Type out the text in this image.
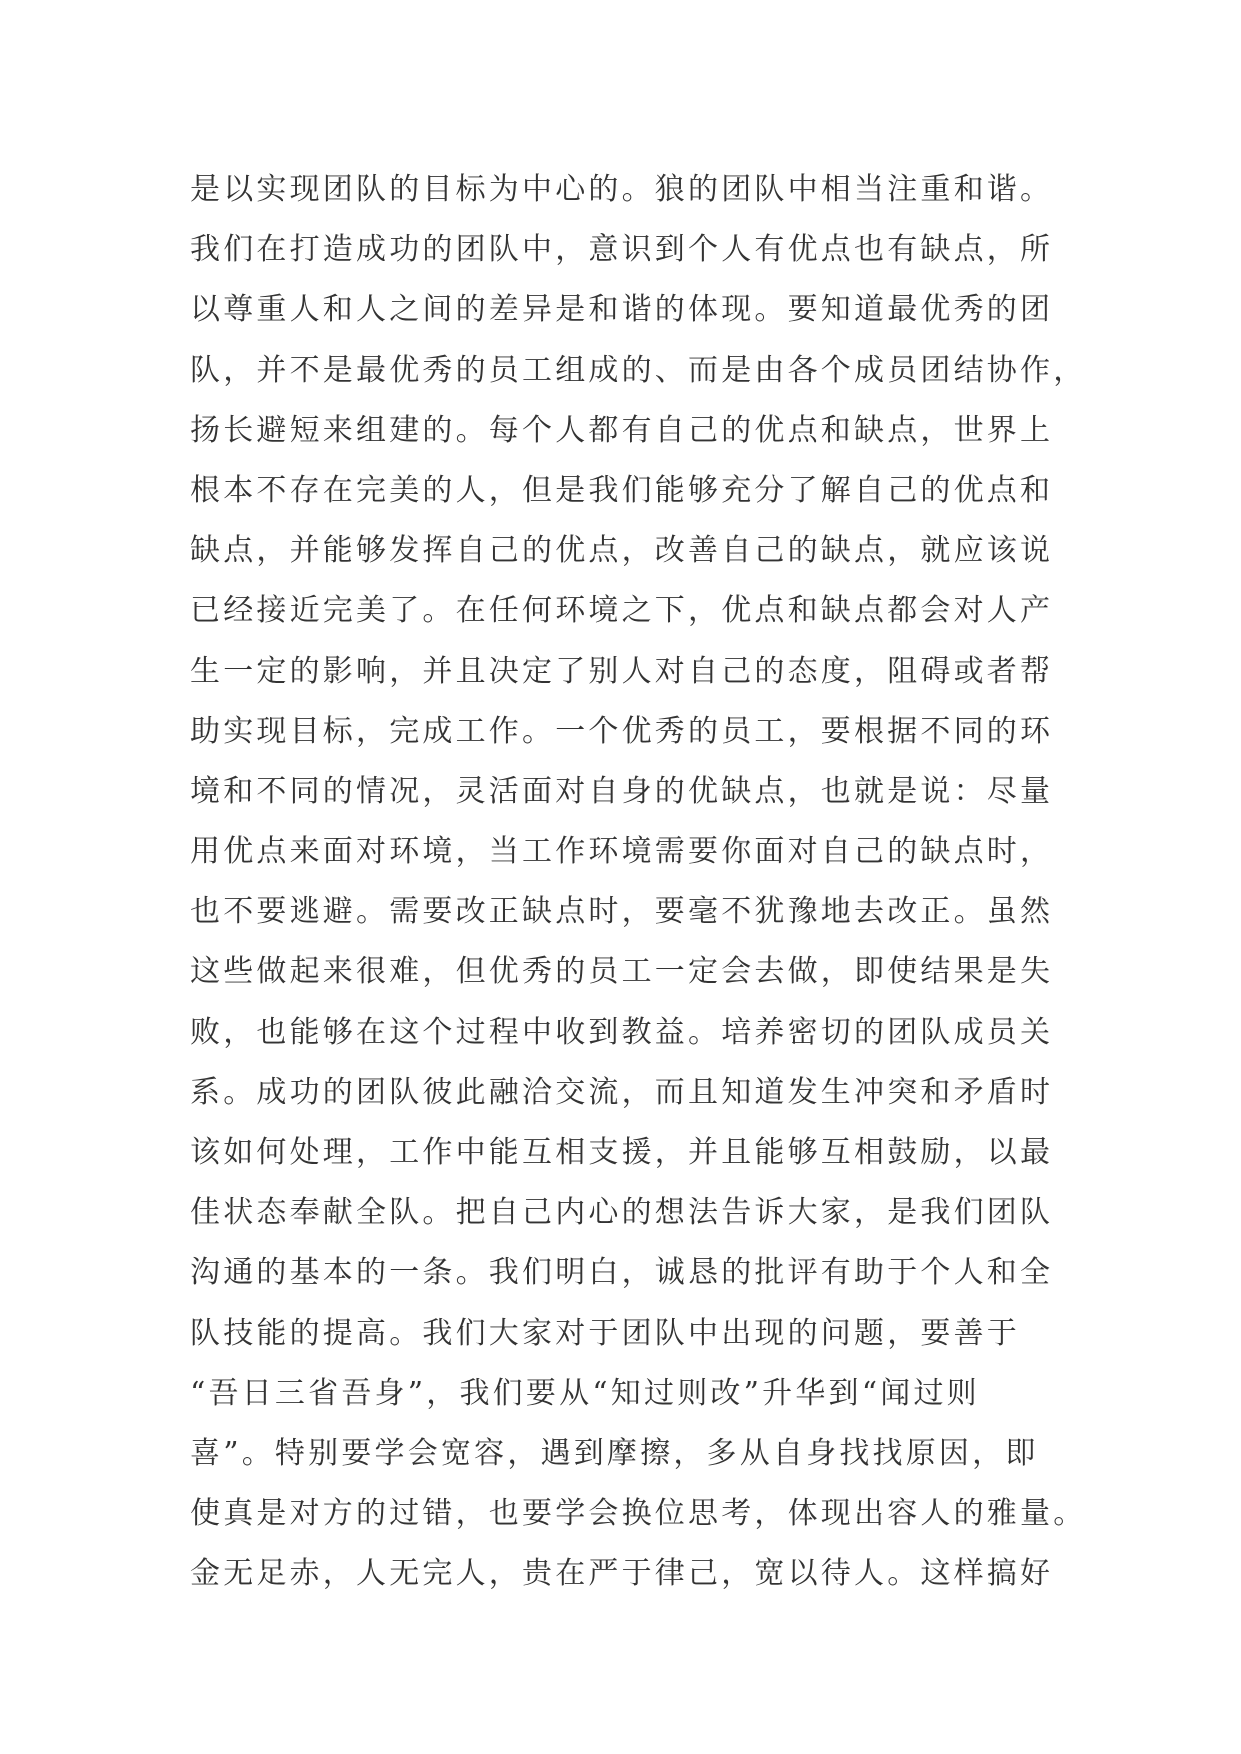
是以实现团队的目标为中心的。狼的团队中相当注重和谐。
我们在打造成功的团队中，意识到个人有优点也有缺点，所
以尊重人和人之间的差异是和谐的体现。要知道最优秀的团
队，并不是最优秀的员工组成的、而是由各个成员团结协作，
扬长避短来组建的。每个人都有自己的优点和缺点，世界上
根本不存在完美的人，但是我们能够充分了解自己的优点和
缺点，并能够发挥自己的优点，改善自己的缺点，就应该说
已经接近完美了。在任何环境之下，优点和缺点都会对人产
生一定的影响，并且决定了别人对自己的态度，阻碍或者帮
助实现目标，完成工作。一个优秀的员工，要根据不同的环
境和不同的情况，灵活面对自身的优缺点，也就是说：尽量
用优点来面对环境，当工作环境需要你面对自己的缺点时，
也不要逃避。需要改正缺点时，要毫不犹豫地去改正。虽然
这些做起来很难，但优秀的员工一定会去做，即使结果是失
败，也能够在这个过程中收到教益。培养密切的团队成员关
系。成功的团队彼此融洽交流，而且知道发生冲突和矛盾时
该如何处理，工作中能互相支援，并且能够互相鼓励，以最
佳状态奉献全队。把自己内心的想法告诉大家，是我们团队
沟通的基本的一条。我们明白，诚恳的批评有助于个人和全
队技能的提高。我们大家对于团队中出现的问题，要善于
“吾日三省吾身”，我们要从“知过则改”升华到“闻过则
喜”。特别要学会宽容，遇到摩擦，多从自身找找原因，即
使真是对方的过错，也要学会换位思考，体现出容人的雅量。
金无足赤，人无完人，贵在严于律己，宽以待人。这样搞好
